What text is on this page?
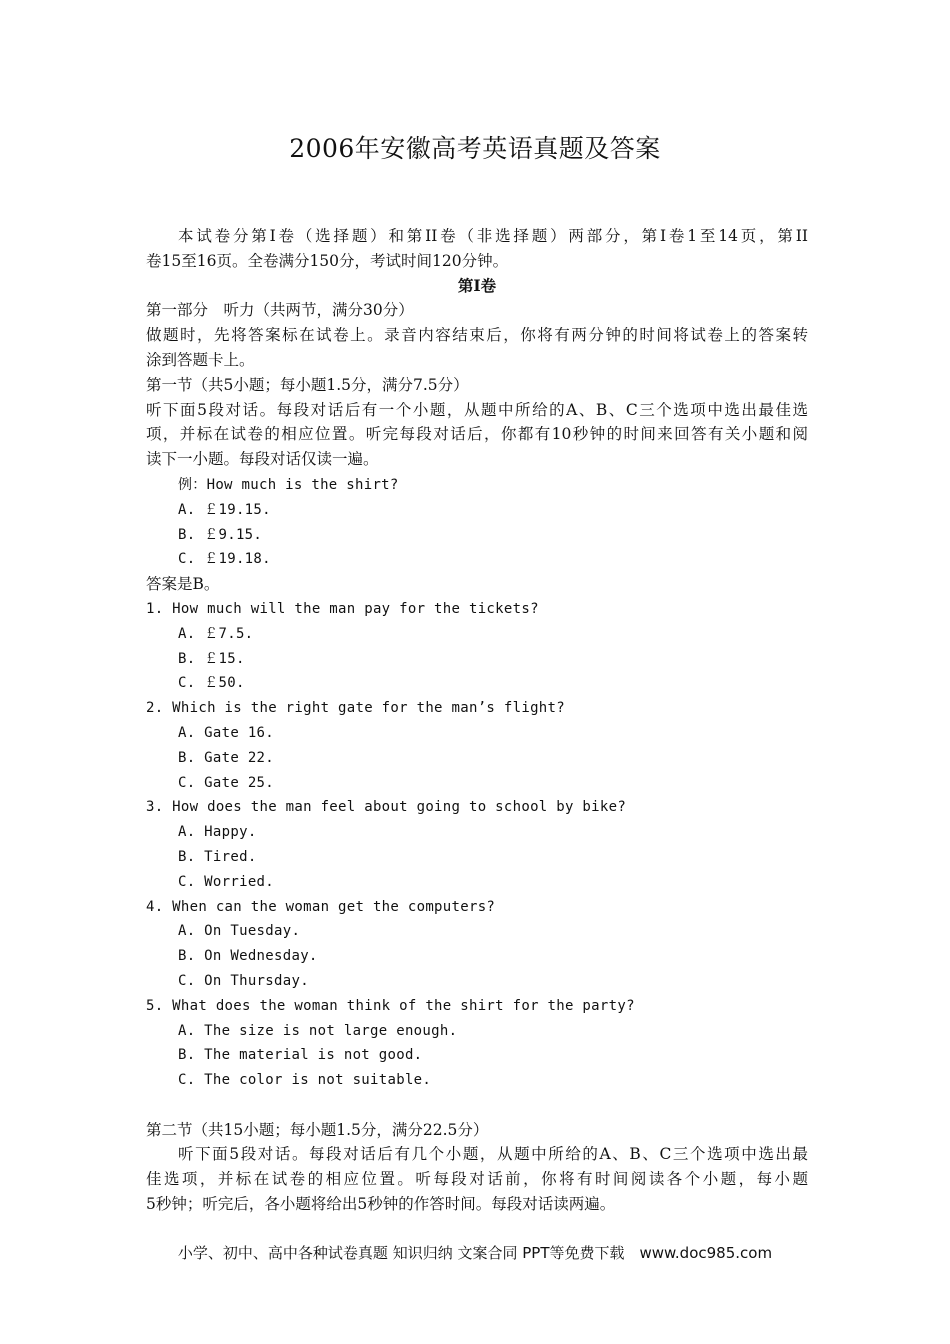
2006年安徽高考英语真题及答案
本试卷分第Ⅰ卷（选择题）和第II卷（非选择题）两部分，第Ⅰ卷1至14页，第II
卷15至16页。全卷满分150分，考试时间120分钟。
第Ⅰ卷
第一部分　听力（共两节，满分30分）
做题时，先将答案标在试卷上。录音内容结束后，你将有两分钟的时间将试卷上的答案转
涂到答题卡上。
第一节（共5小题；每小题1.5分，满分7.5分）
听下面5段对话。每段对话后有一个小题，从题中所给的A、B、C三个选项中选出最佳选
项，并标在试卷的相应位置。听完每段对话后，你都有10秒钟的时间来回答有关小题和阅
读下一小题。每段对话仅读一遍。
例：How much is the shirt?
A. ￡19.15.
B. ￡9.15.
C. ￡19.18.
答案是B。
1. How much will the man pay for the tickets?
A. ￡7.5.
B. ￡15.
C. ￡50.
2. Which is the right gate for the man’s flight?
A. Gate 16.
B. Gate 22.
C. Gate 25.
3. How does the man feel about going to school by bike?
A. Happy.
B. Tired.
C. Worried.
4. When can the woman get the computers?
A. On Tuesday.
B. On Wednesday.
C. On Thursday.
5. What does the woman think of the shirt for the party?
A. The size is not large enough.
B. The material is not good.
C. The color is not suitable.
第二节（共15小题；每小题1.5分，满分22.5分）
听下面5段对话。每段对话后有几个小题，从题中所给的A、B、C三个选项中选出最
佳选项，并标在试卷的相应位置。听每段对话前，你将有时间阅读各个小题，每小题
5秒钟；听完后，各小题将给出5秒钟的作答时间。每段对话读两遍。
小学、初中、高中各种试卷真题 知识归纳 文案合同 PPT等免费下载　www.doc985.com
